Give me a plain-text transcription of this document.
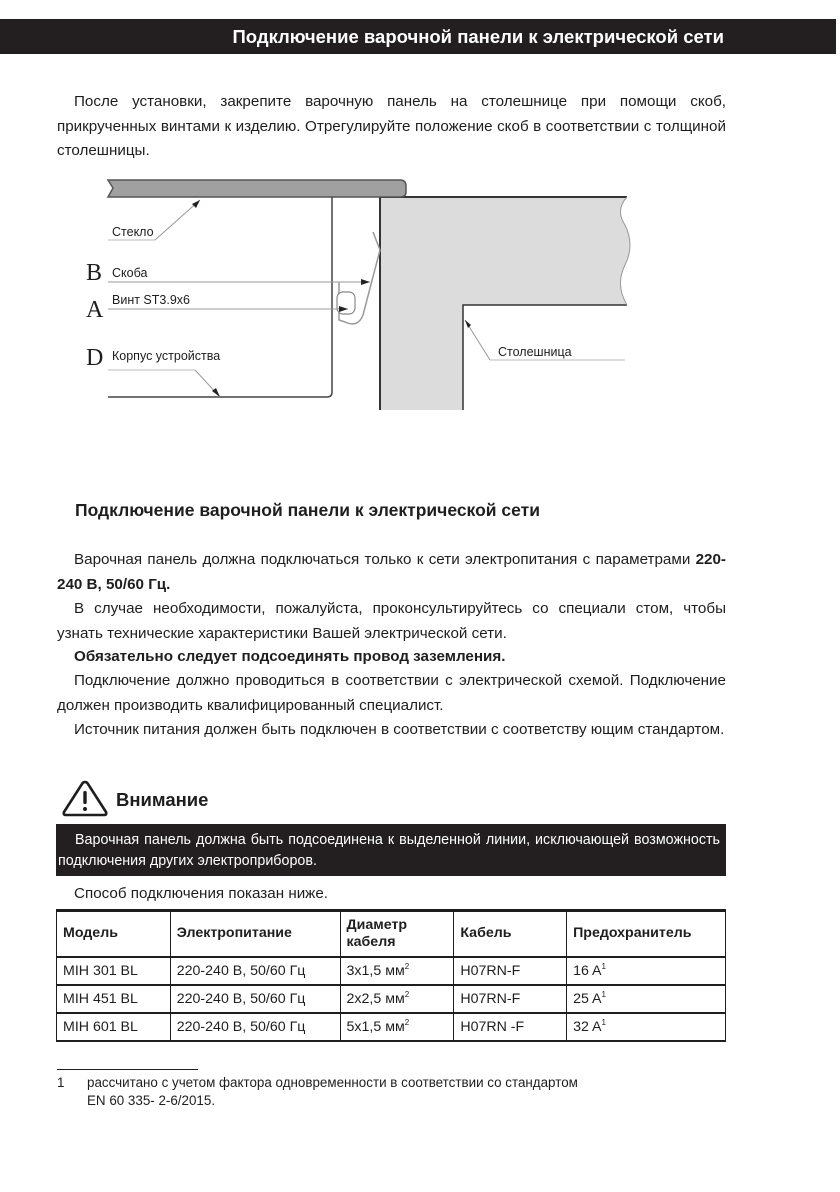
Подключение варочной панели к электрической сети

После установки, закрепите варочную панель на столешнице при помощи скоб, прикрученных винтами к изделию. Отрегулируйте положение скоб в соответствии с толщиной столешницы.

Стекло
Скоба
Винт ST3.9x6
Корпус устройства	Столешница
B
A
D
Подключение варочной панели к электрической сети

Варочная панель должна подключаться только к сети электропитания с параметрами 220-240 В, 50/60 Гц.

В случае необходимости, пожалуйста, проконсультируйтесь со специали стом, чтобы узнать технические характеристики Вашей электрической сети.

Обязательно следует подсоединять провод заземления.

Подключение должно проводиться в соответствии с электрической схемой. Подключение должен производить квалифицированный специалист.

Источник питания должен быть подключен в соответствии с соответству ющим стандартом.

Внимание
Варочная панель должна быть подсоединена к выделенной линии, исключающей возможность подключения других электроприборов.

Способ подключения показан ниже.

Модель	Электропитание	Диаметр кабеля	Кабель	Предохранитель
MIH 301 BL	220-240 В, 50/60 Гц	3х1,5 $мм^2$	H07RN-F	16 $A^1$
MIH 451 BL	220-240 В, 50/60 Гц	2х2,5 $мм^2$	H07RN-F	25 $A^1$
MIH 601 BL	220-240 В, 50/60 Гц	5х1,5 $мм^2$	H07RN -F	32 $A^1$
1 рассчитано с учетом фактора одновременности в соответствии со стандартом
EN 60 335- 2-6/2015.
